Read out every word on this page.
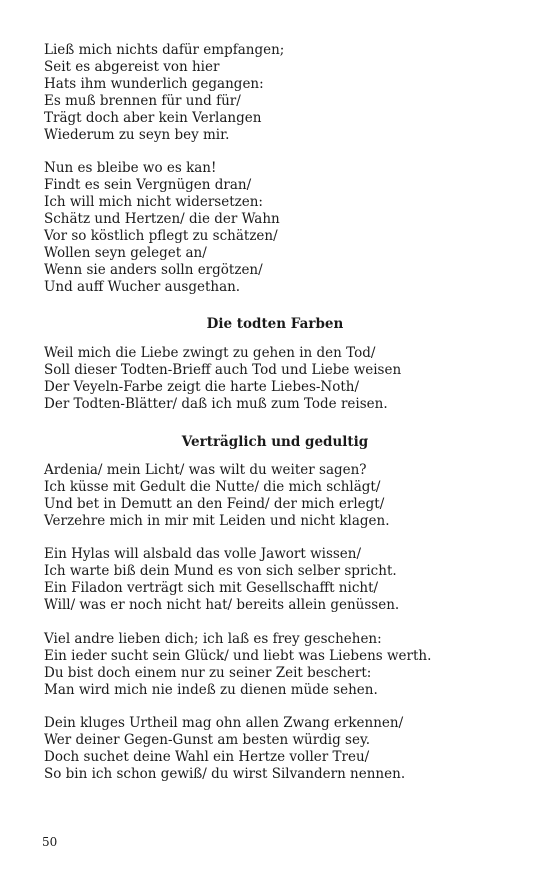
Ließ mich nichts dafür empfangen;
Seit es abgereist von hier
Hats ihm wunderlich gegangen:
Es muß brennen für und für/
Trägt doch aber kein Verlangen
Wiederum zu seyn bey mir.
Nun es bleibe wo es kan!
Findt es sein Vergnügen dran/
Ich will mich nicht widersetzen:
Schätz und Hertzen/ die der Wahn
Vor so köstlich pflegt zu schätzen/
Wollen seyn geleget an/
Wenn sie anders solln ergötzen/
Und auff Wucher ausgethan.
Die todten Farben
Weil mich die Liebe zwingt zu gehen in den Tod/
Soll dieser Todten-Brieff auch Tod und Liebe weisen
Der Veyeln-Farbe zeigt die harte Liebes-Noth/
Der Todten-Blätter/ daß ich muß zum Tode reisen.
Verträglich und gedultig
Ardenia/ mein Licht/ was wilt du weiter sagen?
Ich küsse mit Gedult die Nutte/ die mich schlägt/
Und bet in Demutt an den Feind/ der mich erlegt/
Verzehre mich in mir mit Leiden und nicht klagen.
Ein Hylas will alsbald das volle Jawort wissen/
Ich warte biß dein Mund es von sich selber spricht.
Ein Filadon verträgt sich mit Gesellschafft nicht/
Will/ was er noch nicht hat/ bereits allein genüssen.
Viel andre lieben dich; ich laß es frey geschehen:
Ein ieder sucht sein Glück/ und liebt was Liebens werth.
Du bist doch einem nur zu seiner Zeit beschert:
Man wird mich nie indeß zu dienen müde sehen.
Dein kluges Urtheil mag ohn allen Zwang erkennen/
Wer deiner Gegen-Gunst am besten würdig sey.
Doch suchet deine Wahl ein Hertze voller Treu/
So bin ich schon gewiß/ du wirst Silvandern nennen.
50
